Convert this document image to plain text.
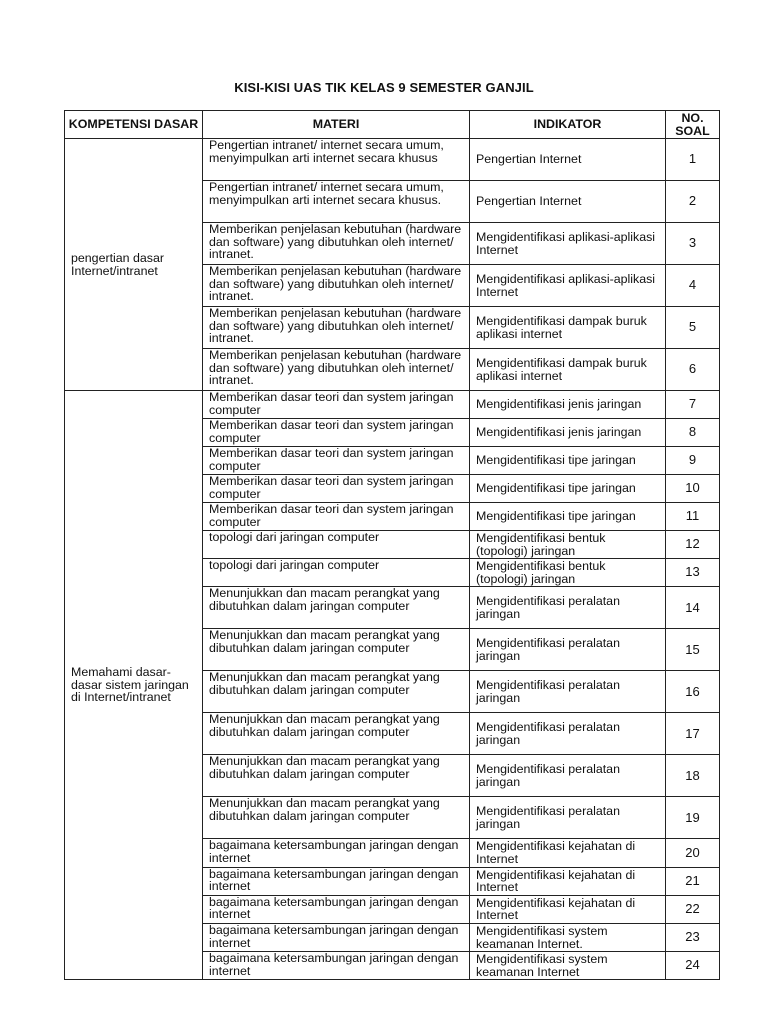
KISI-KISI UAS TIK KELAS 9 SEMESTER GANJIL
KOMPETENSI DASAR	MATERI	INDIKATOR	NO. SOAL
pengertian dasar Internet/intranet	Pengertian intranet/ internet secara umum, menyimpulkan arti internet secara khusus	Pengertian Internet	1
	Pengertian intranet/ internet secara umum, menyimpulkan arti internet secara khusus.	Pengertian Internet	2
	Memberikan penjelasan kebutuhan (hardware dan software) yang dibutuhkan oleh internet/ intranet.	Mengidentifikasi aplikasi-aplikasi Internet	3
	Memberikan penjelasan kebutuhan (hardware dan software) yang dibutuhkan oleh internet/ intranet.	Mengidentifikasi aplikasi-aplikasi Internet	4
	Memberikan penjelasan kebutuhan (hardware dan software) yang dibutuhkan oleh internet/ intranet.	Mengidentifikasi dampak buruk aplikasi internet	5
	Memberikan penjelasan kebutuhan (hardware dan software) yang dibutuhkan oleh internet/ intranet.	Mengidentifikasi dampak buruk aplikasi internet	6
Memahami dasar-dasar sistem jaringan di Internet/intranet	Memberikan dasar teori dan system jaringan computer	Mengidentifikasi jenis jaringan	7
	Memberikan dasar teori dan system jaringan computer	Mengidentifikasi jenis jaringan	8
	Memberikan dasar teori dan system jaringan computer	Mengidentifikasi tipe jaringan	9
	Memberikan dasar teori dan system jaringan computer	Mengidentifikasi tipe jaringan	10
	Memberikan dasar teori dan system jaringan computer	Mengidentifikasi tipe jaringan	11
	topologi dari jaringan computer	Mengidentifikasi bentuk (topologi) jaringan	12
	topologi dari jaringan computer	Mengidentifikasi bentuk (topologi) jaringan	13
	Menunjukkan dan macam perangkat yang dibutuhkan dalam jaringan computer	Mengidentifikasi peralatan jaringan	14
	Menunjukkan dan macam perangkat yang dibutuhkan dalam jaringan computer	Mengidentifikasi peralatan jaringan	15
	Menunjukkan dan macam perangkat yang dibutuhkan dalam jaringan computer	Mengidentifikasi peralatan jaringan	16
	Menunjukkan dan macam perangkat yang dibutuhkan dalam jaringan computer	Mengidentifikasi peralatan jaringan	17
	Menunjukkan dan macam perangkat yang dibutuhkan dalam jaringan computer	Mengidentifikasi peralatan jaringan	18
	Menunjukkan dan macam perangkat yang dibutuhkan dalam jaringan computer	Mengidentifikasi peralatan jaringan	19
	bagaimana ketersambungan jaringan dengan internet	Mengidentifikasi kejahatan di Internet	20
	bagaimana ketersambungan jaringan dengan internet	Mengidentifikasi kejahatan di Internet	21
	bagaimana ketersambungan jaringan dengan internet	Mengidentifikasi kejahatan di Internet	22
	bagaimana ketersambungan jaringan dengan internet	Mengidentifikasi system keamanan Internet.	23
	bagaimana ketersambungan jaringan dengan internet	Mengidentifikasi system keamanan Internet	24
